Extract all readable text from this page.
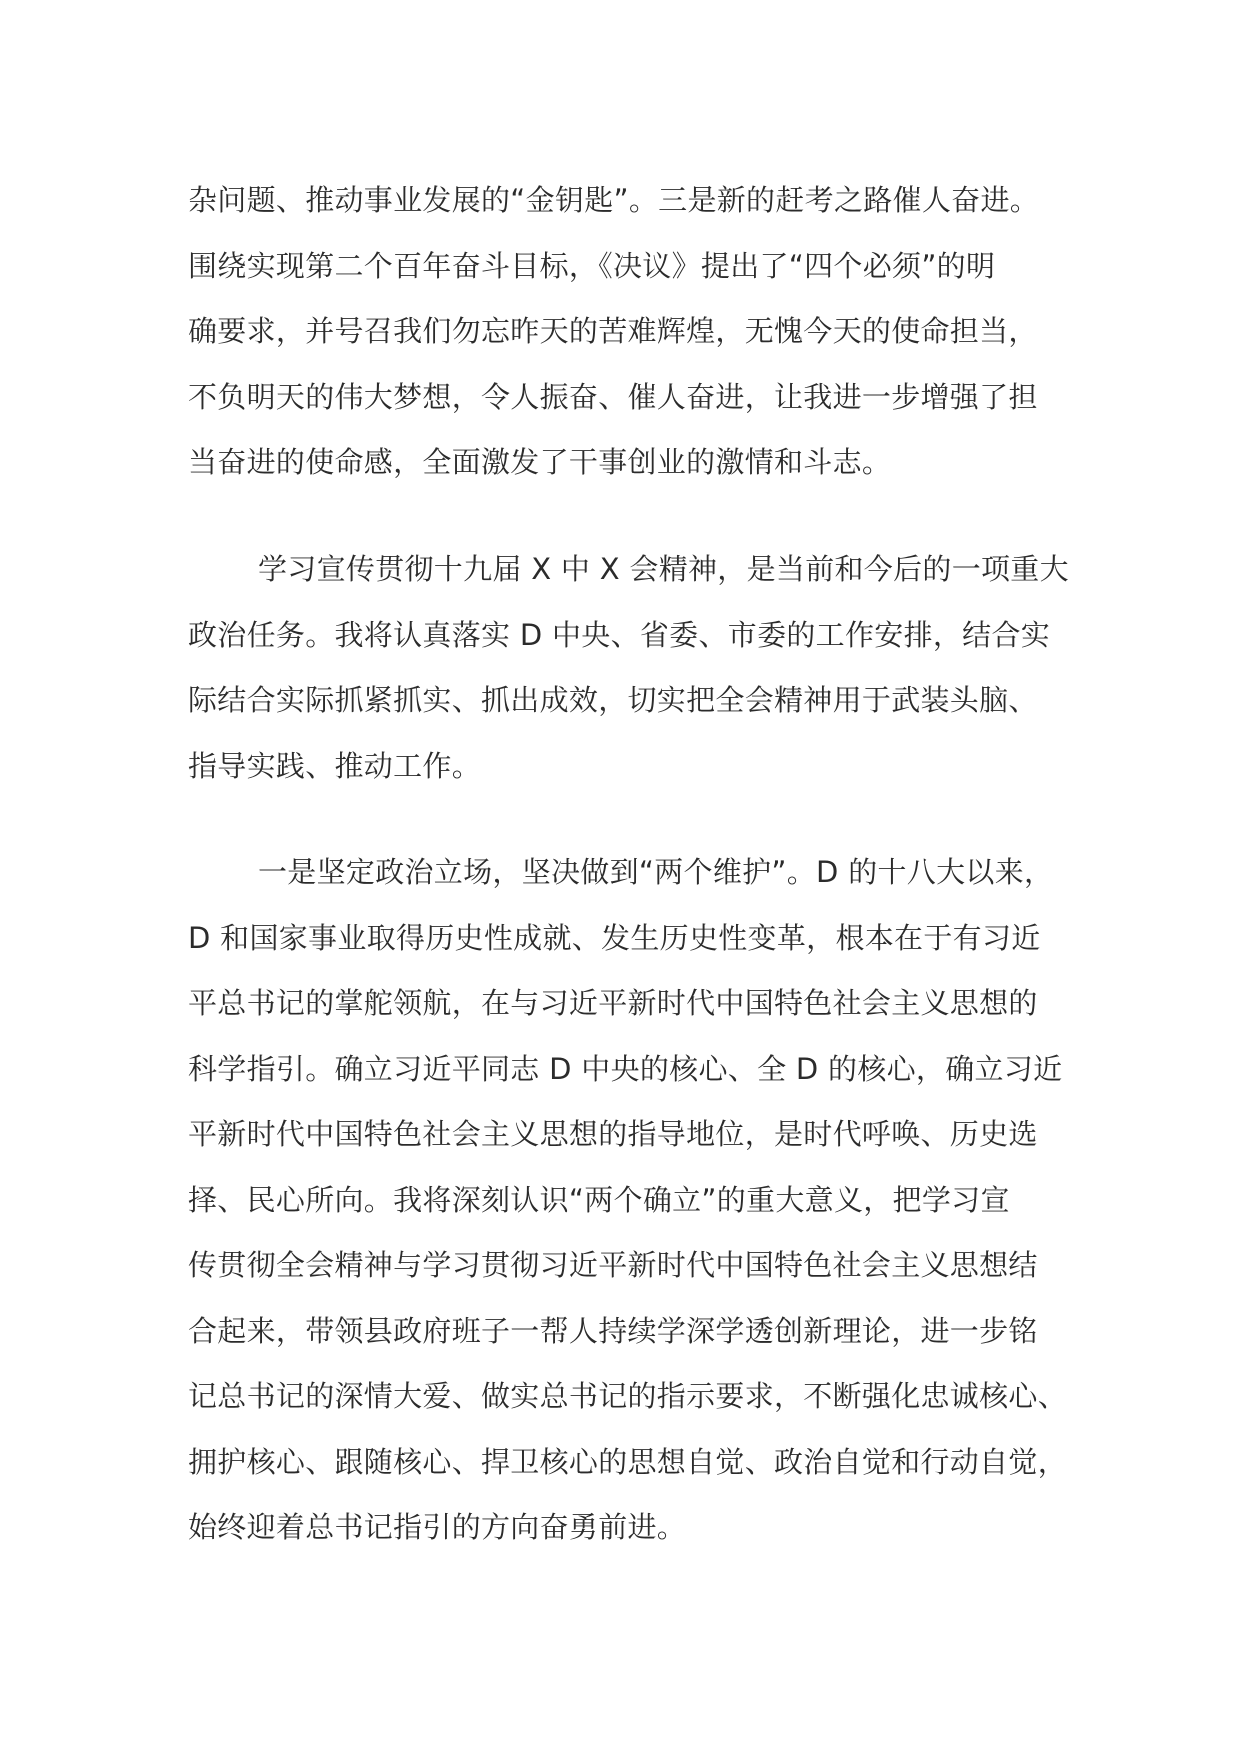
杂问题、推动事业发展的“金钥匙”。三是新的赶考之路催人奋进。
围绕实现第二个百年奋斗目标，《决议》提出了“四个必须”的明
确要求，并号召我们勿忘昨天的苦难辉煌，无愧今天的使命担当，
不负明天的伟大梦想，令人振奋、催人奋进，让我进一步增强了担
当奋进的使命感，全面激发了干事创业的激情和斗志。
学习宣传贯彻十九届 X 中 X 会精神，是当前和今后的一项重大
政治任务。我将认真落实 D 中央、省委、市委的工作安排，结合实
际结合实际抓紧抓实、抓出成效，切实把全会精神用于武装头脑、
指导实践、推动工作。
一是坚定政治立场，坚决做到“两个维护”。D 的十八大以来，
D 和国家事业取得历史性成就、发生历史性变革，根本在于有习近
平总书记的掌舵领航，在与习近平新时代中国特色社会主义思想的
科学指引。确立习近平同志 D 中央的核心、全 D 的核心，确立习近
平新时代中国特色社会主义思想的指导地位，是时代呼唤、历史选
择、民心所向。我将深刻认识“两个确立”的重大意义，把学习宣
传贯彻全会精神与学习贯彻习近平新时代中国特色社会主义思想结
合起来，带领县政府班子一帮人持续学深学透创新理论，进一步铭
记总书记的深情大爱、做实总书记的指示要求，不断强化忠诚核心、
拥护核心、跟随核心、捍卫核心的思想自觉、政治自觉和行动自觉，
始终迎着总书记指引的方向奋勇前进。
